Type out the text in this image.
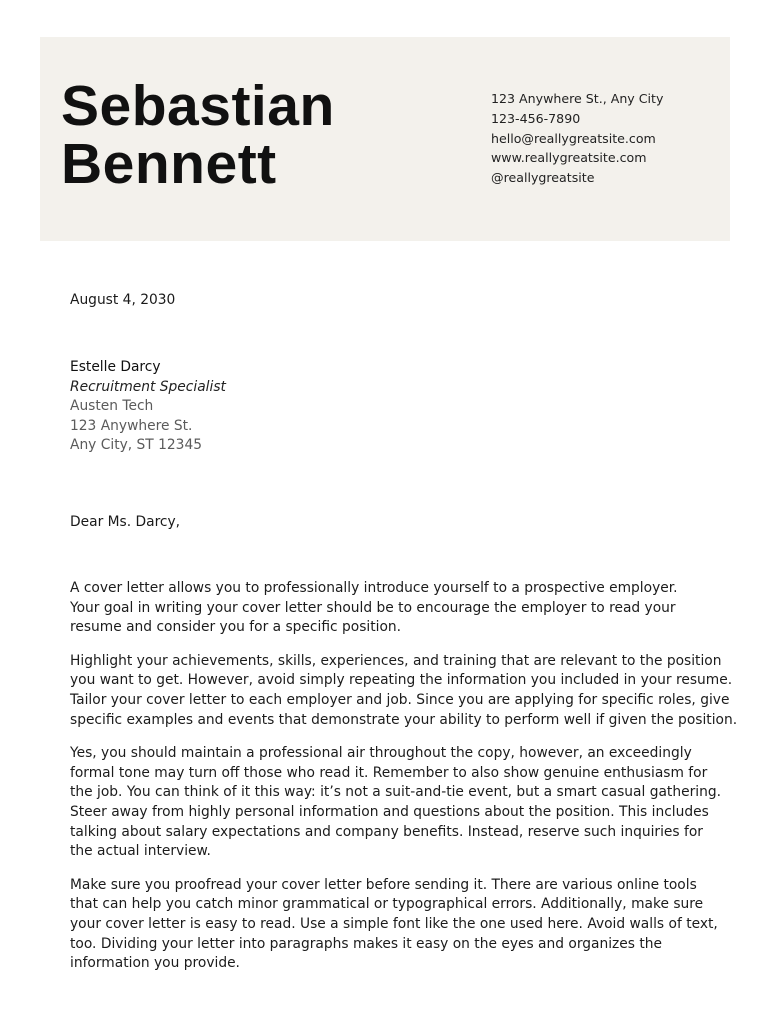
Sebastian
Bennett
123 Anywhere St., Any City
123-456-7890
hello@reallygreatsite.com
www.reallygreatsite.com
@reallygreatsite
August 4, 2030
Estelle Darcy
Recruitment Specialist
Austen Tech
123 Anywhere St.
Any City, ST 12345
Dear Ms. Darcy,

A cover letter allows you to professionally introduce yourself to a prospective employer.
Your goal in writing your cover letter should be to encourage the employer to read your
resume and consider you for a specific position.

Highlight your achievements, skills, experiences, and training that are relevant to the position
you want to get. However, avoid simply repeating the information you included in your resume.
Tailor your cover letter to each employer and job. Since you are applying for specific roles, give
specific examples and events that demonstrate your ability to perform well if given the position.

Yes, you should maintain a professional air throughout the copy, however, an exceedingly
formal tone may turn off those who read it. Remember to also show genuine enthusiasm for
the job. You can think of it this way: it’s not a suit-and-tie event, but a smart casual gathering.
Steer away from highly personal information and questions about the position. This includes
talking about salary expectations and company benefits. Instead, reserve such inquiries for
the actual interview.

Make sure you proofread your cover letter before sending it. There are various online tools
that can help you catch minor grammatical or typographical errors. Additionally, make sure
your cover letter is easy to read. Use a simple font like the one used here. Avoid walls of text,
too. Dividing your letter into paragraphs makes it easy on the eyes and organizes the
information you provide.
